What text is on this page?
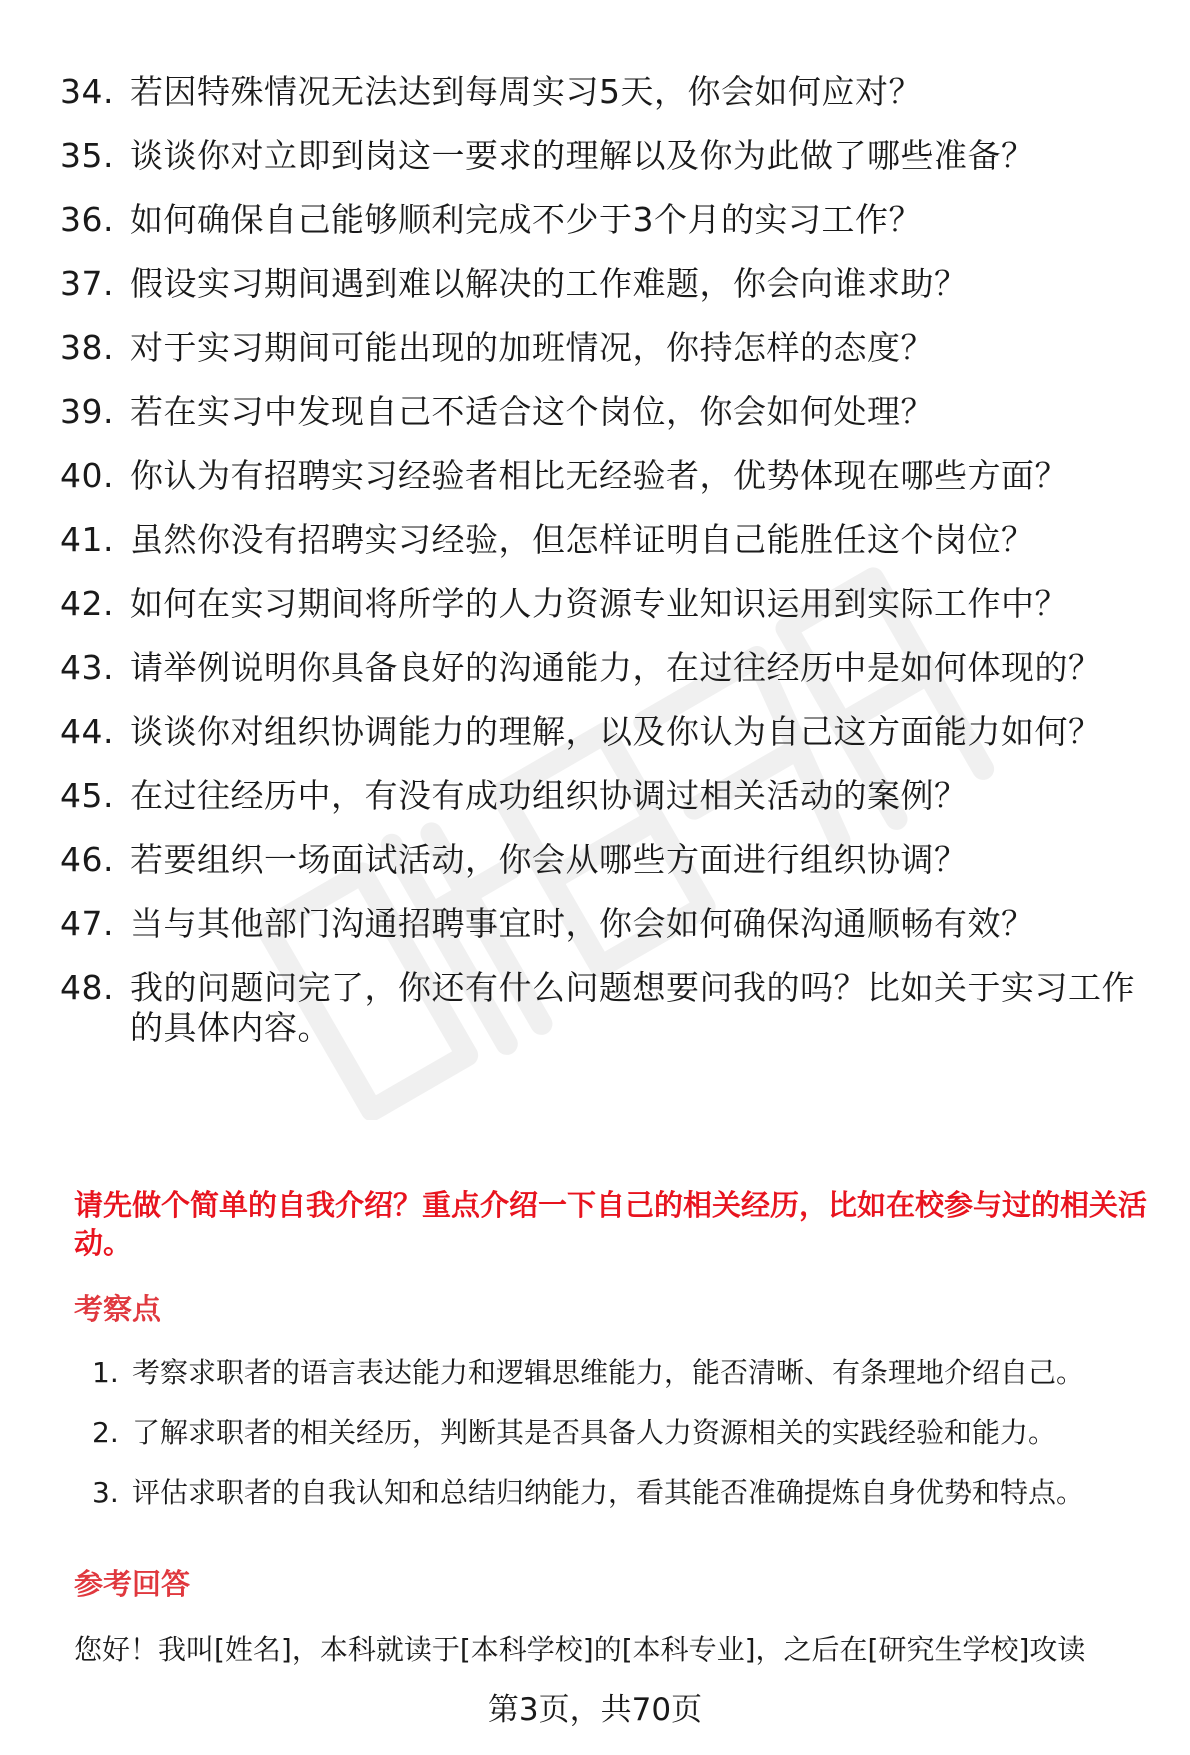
34. 若因特殊情况无法达到每周实习5天，你会如何应对？
35. 谈谈你对立即到岗这一要求的理解以及你为此做了哪些准备？
36. 如何确保自己能够顺利完成不少于3个月的实习工作？
37. 假设实习期间遇到难以解决的工作难题，你会向谁求助？
38. 对于实习期间可能出现的加班情况，你持怎样的态度？
39. 若在实习中发现自己不适合这个岗位，你会如何处理？
40. 你认为有招聘实习经验者相比无经验者，优势体现在哪些方面？
41. 虽然你没有招聘实习经验，但怎样证明自己能胜任这个岗位？
42. 如何在实习期间将所学的人力资源专业知识运用到实际工作中？
43. 请举例说明你具备良好的沟通能力，在过往经历中是如何体现的？
44. 谈谈你对组织协调能力的理解，以及你认为自己这方面能力如何？
45. 在过往经历中，有没有成功组织协调过相关活动的案例？
46. 若要组织一场面试活动，你会从哪些方面进行组织协调？
47. 当与其他部门沟通招聘事宜时，你会如何确保沟通顺畅有效？
48. 我的问题问完了，你还有什么问题想要问我的吗？比如关于实习工作的具体内容。
请先做个简单的自我介绍？重点介绍一下自己的相关经历，比如在校参与过的相关活动。
考察点
1. 考察求职者的语言表达能力和逻辑思维能力，能否清晰、有条理地介绍自己。
2. 了解求职者的相关经历，判断其是否具备人力资源相关的实践经验和能力。
3. 评估求职者的自我认知和总结归纳能力，看其能否准确提炼自身优势和特点。
参考回答
您好！我叫[姓名]，本科就读于[本科学校]的[本科专业]，之后在[研究生学校]攻读
第3页，共70页
